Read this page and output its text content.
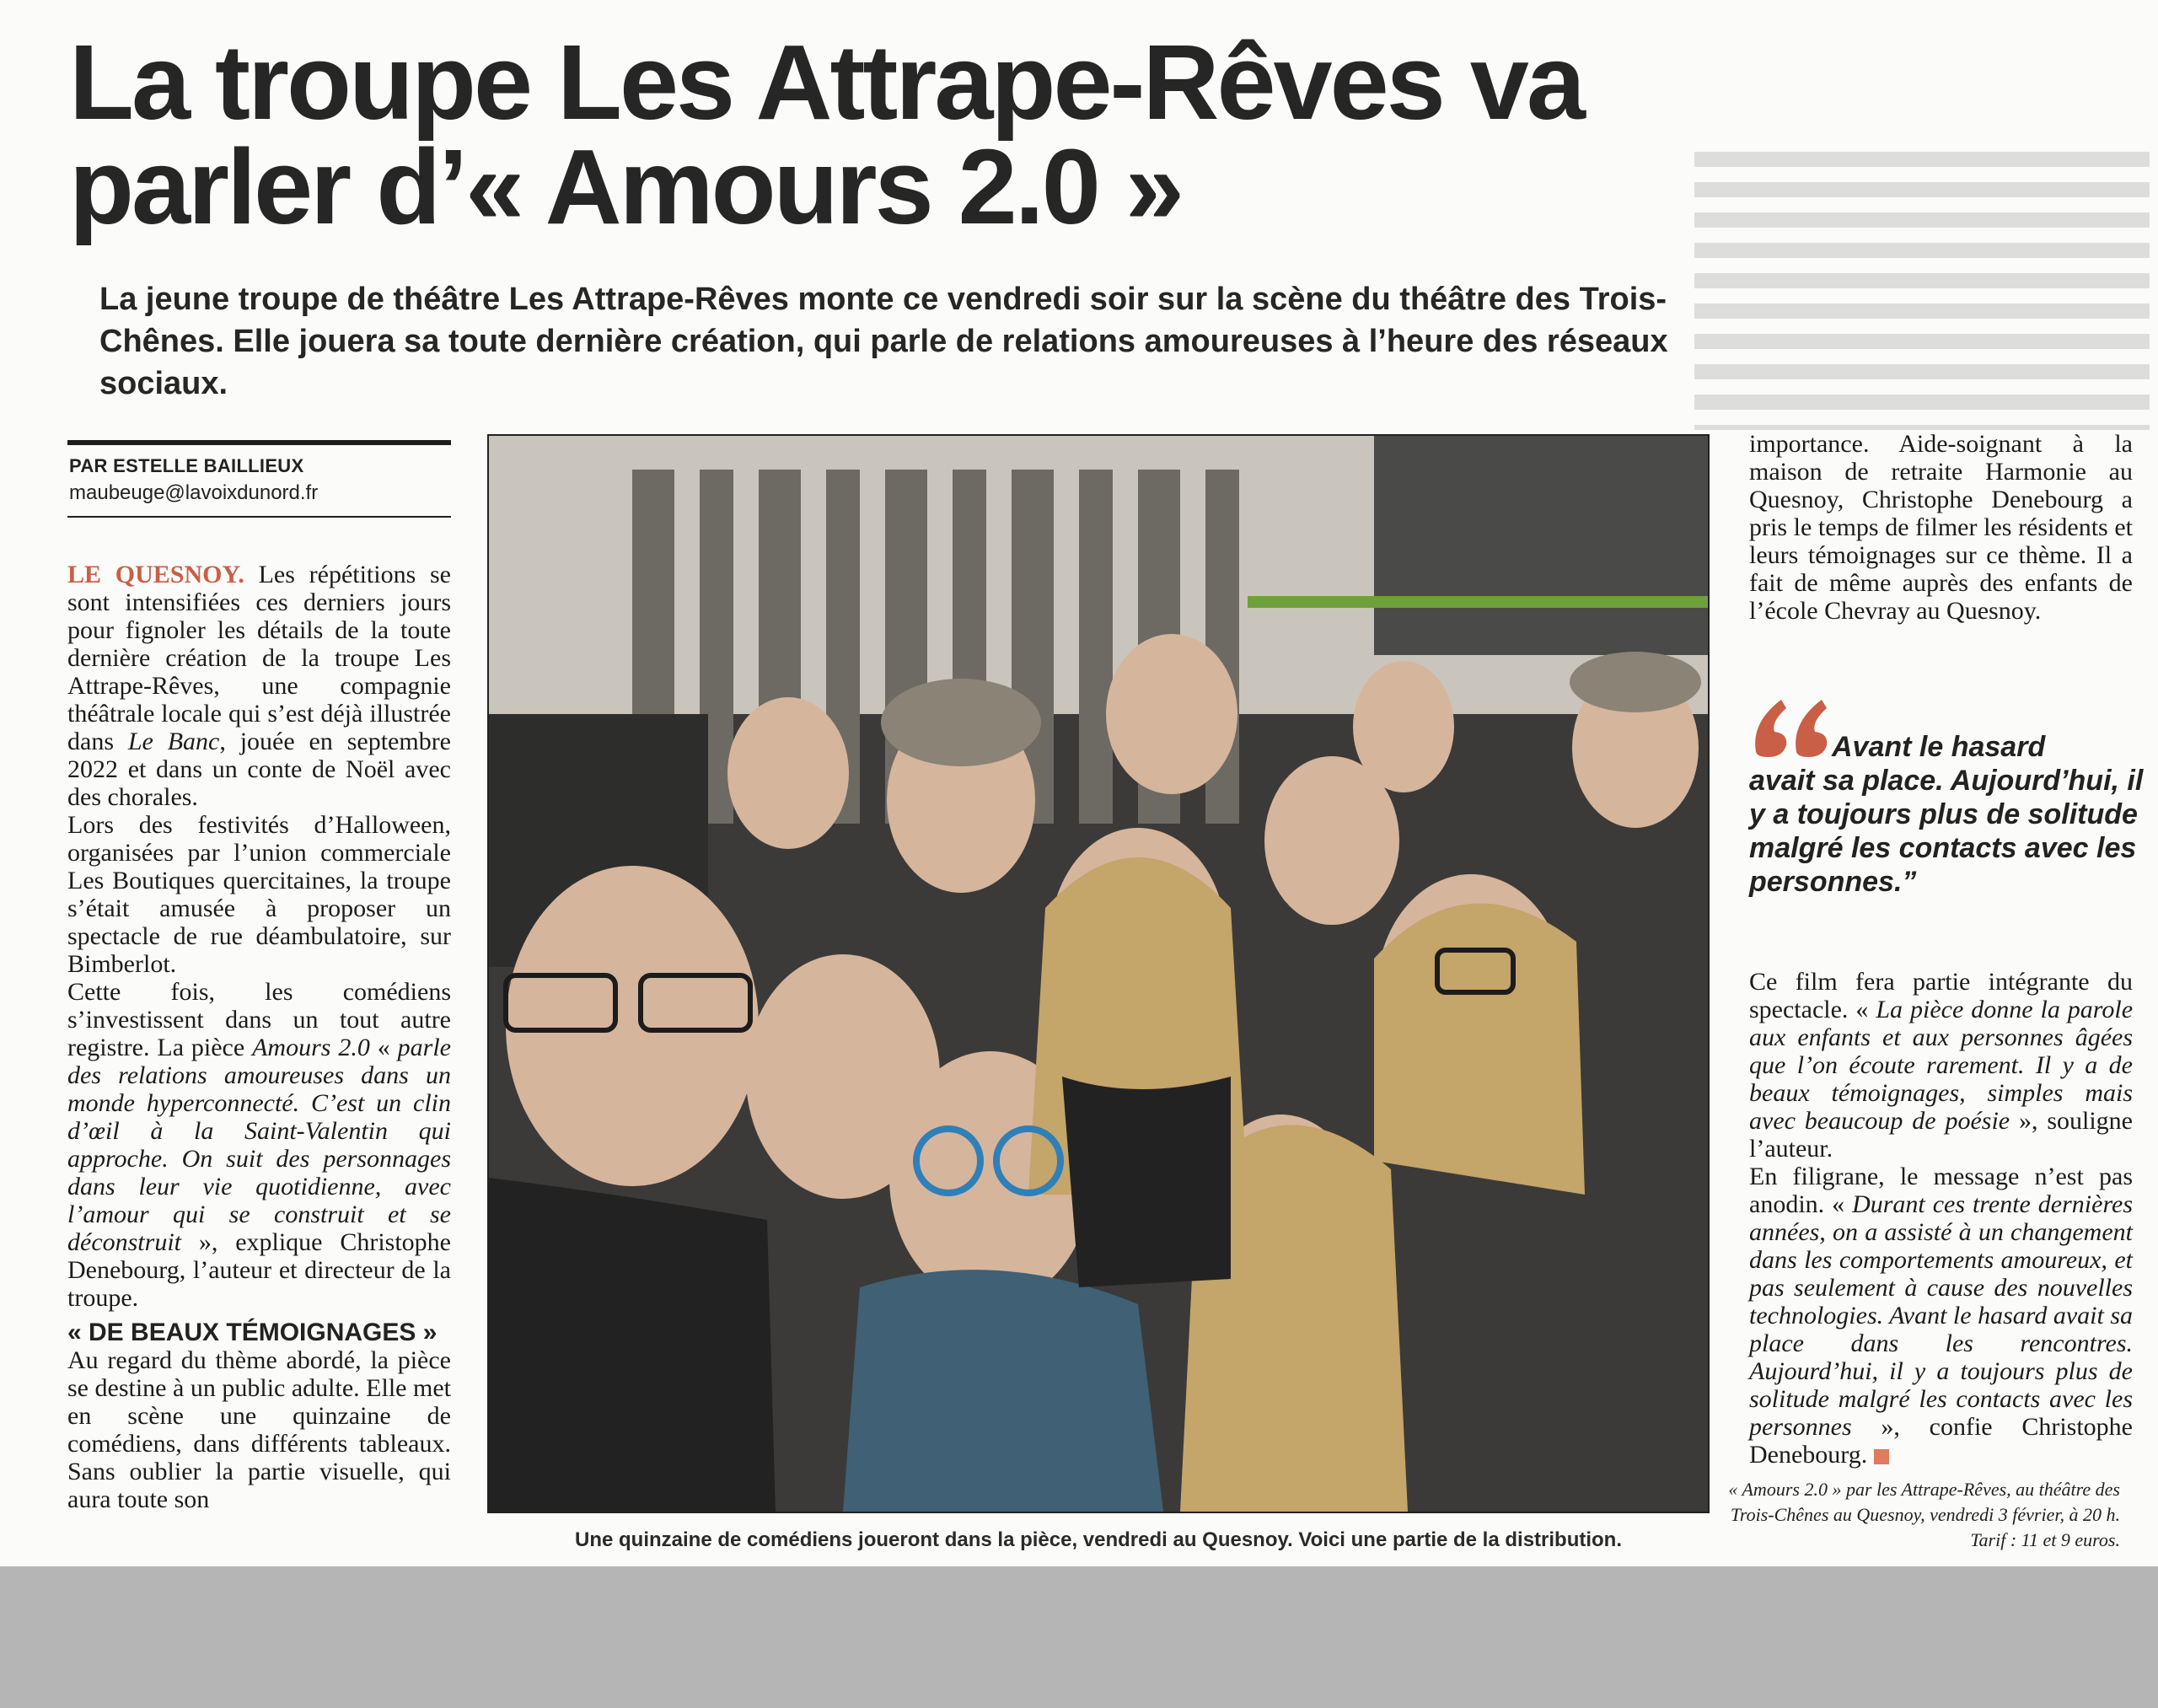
La troupe Les Attrape-Rêves va parler d’« Amours 2.0 »

La jeune troupe de théâtre Les Attrape-Rêves monte ce vendredi soir sur la scène du théâtre des Trois-Chênes. Elle jouera sa toute dernière création, qui parle de relations amoureuses à l’heure des réseaux sociaux.

PAR ESTELLE BAILLIEUX

maubeuge@lavoixdunord.fr

LE QUESNOY. Les répétitions se sont intensifiées ces derniers jours pour fignoler les détails de la toute dernière création de la troupe Les Attrape-Rêves, une compagnie théâtrale locale qui s’est déjà illustrée dans Le Banc, jouée en septembre 2022 et dans un conte de Noël avec des chorales.

Lors des festivités d’Halloween, organisées par l’union commerciale Les Boutiques quercitaines, la troupe s’était amusée à proposer un spectacle de rue déambulatoire, sur Bimberlot.

Cette fois, les comédiens s’investissent dans un tout autre registre. La pièce Amours 2.0 « parle des relations amoureuses dans un monde hyperconnecté. C’est un clin d’œil à la Saint-Valentin qui approche. On suit des personnages dans leur vie quotidienne, avec l’amour qui se construit et se déconstruit », explique Christophe Denebourg, l’auteur et directeur de la troupe.

« DE BEAUX TÉMOIGNAGES »

Au regard du thème abordé, la pièce se destine à un public adulte. Elle met en scène une quinzaine de comédiens, dans différents tableaux. Sans oublier la partie visuelle, qui aura toute son

Une quinzaine de comédiens joueront dans la pièce, vendredi au Quesnoy. Voici une partie de la distribution.

importance. Aide-soignant à la maison de retraite Harmonie au Quesnoy, Christophe Denebourg a pris le temps de filmer les résidents et leurs témoignages sur ce thème. Il a fait de même auprès des enfants de l’école Chevray au Quesnoy.

Avant le hasard
avait sa place. Aujourd’hui, il y a toujours plus de solitude malgré les contacts avec les personnes.”

Ce film fera partie intégrante du spectacle. « La pièce donne la parole aux enfants et aux personnes âgées que l’on écoute rarement. Il y a de beaux témoignages, simples mais avec beaucoup de poésie », souligne l’auteur.

En filigrane, le message n’est pas anodin. « Durant ces trente dernières années, on a assisté à un changement dans les comportements amoureux, et pas seulement à cause des nouvelles technologies. Avant le hasard avait sa place dans les rencontres. Aujourd’hui, il y a toujours plus de solitude malgré les contacts avec les personnes », confie Christophe Denebourg.

« Amours 2.0 » par les Attrape-Rêves, au théâtre des Trois-Chênes au Quesnoy, vendredi 3 février, à 20 h. Tarif : 11 et 9 euros.
